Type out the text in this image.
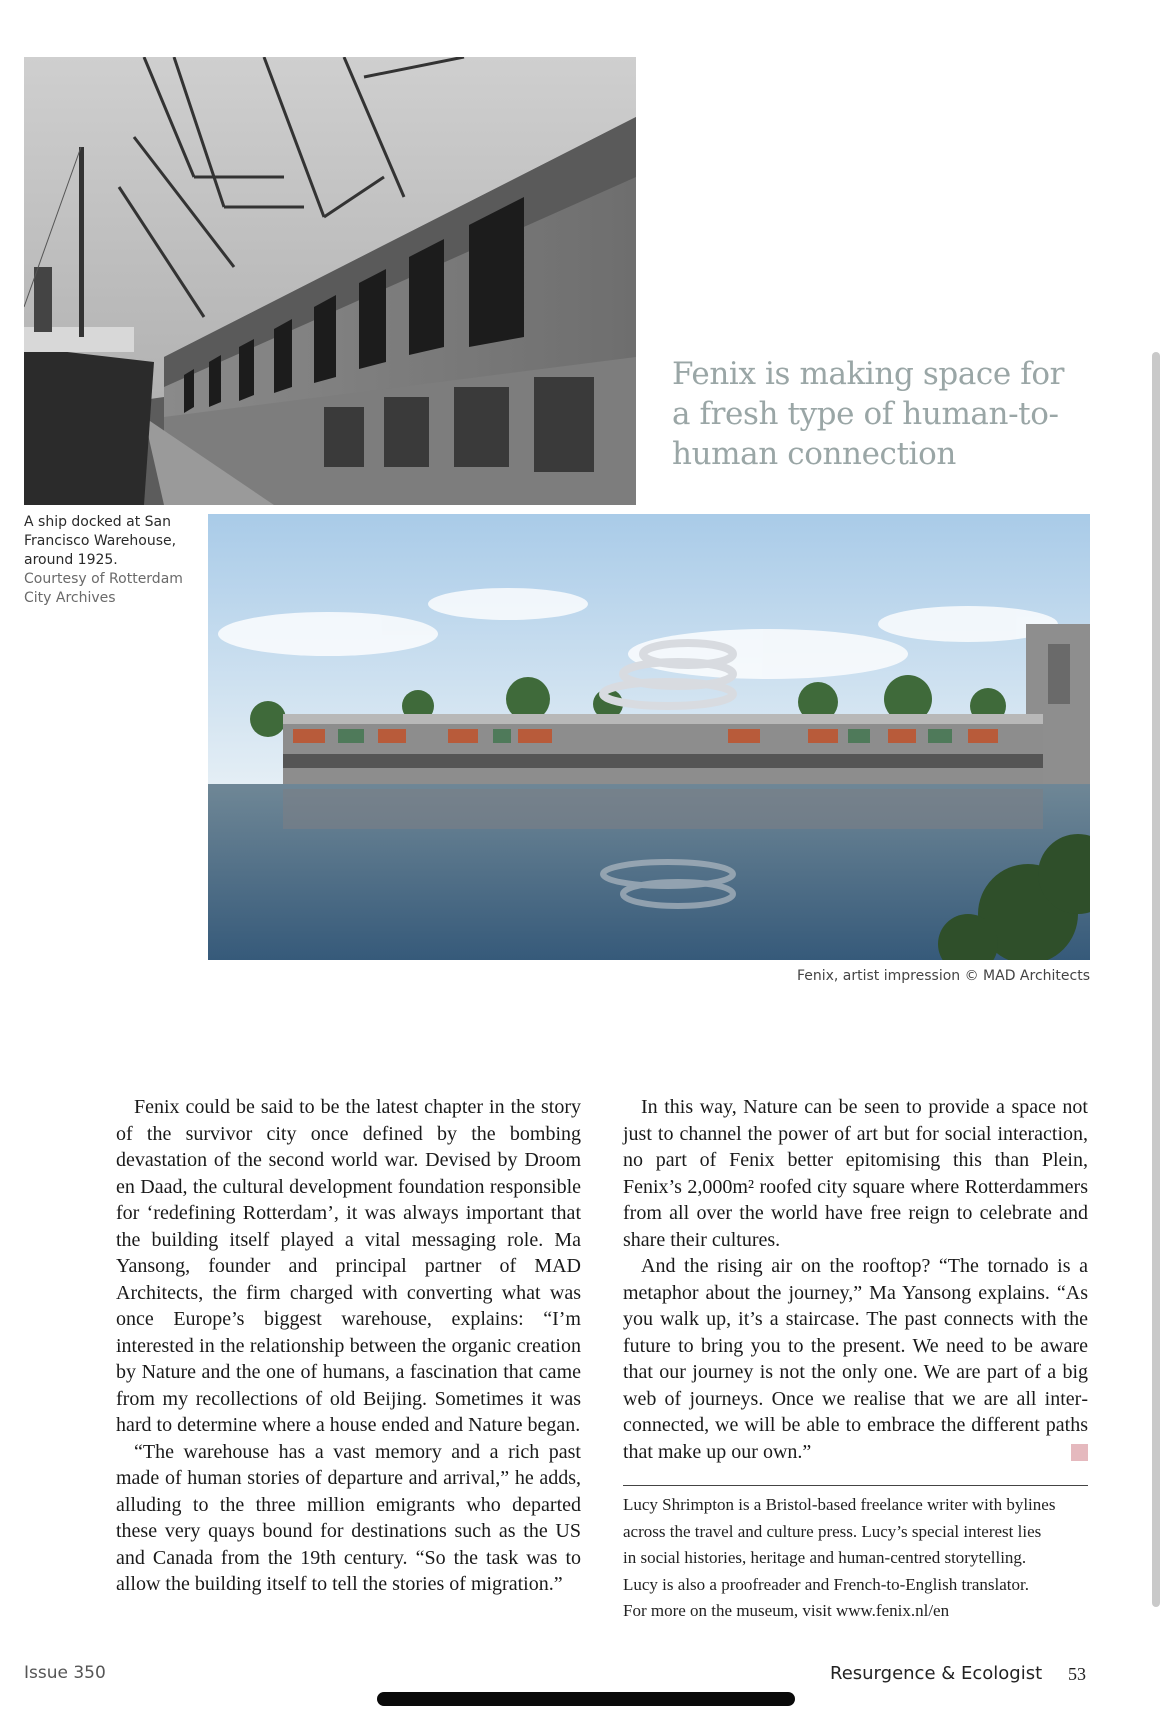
Fenix is making space for
a fresh type of human-to-
human connection
A ship docked at San Francisco Warehouse, around 1925.
Courtesy of Rotterdam City Archives
Fenix, artist impression © MAD Architects

Fenix could be said to be the latest chapter in the story of the survivor city once defined by the bombing devastation of the second world war. Devised by Droom en Daad, the cultural development foundation responsible for ‘redefining Rotterdam’, it was always important that the building itself played a vital messaging role. Ma Yansong, founder and principal partner of MAD Architects, the firm charged with converting what was once Europe’s biggest warehouse, explains: “I’m interested in the relationship between the organic creation by Nature and the one of humans, a fascination that came from my recollections of old Beijing. Sometimes it was hard to determine where a house ended and Nature began.

“The warehouse has a vast memory and a rich past made of human stories of departure and arrival,” he adds, alluding to the three million emigrants who departed these very quays bound for destinations such as the US and Canada from the 19th century. “So the task was to allow the building itself to tell the stories of migration.”

In this way, Nature can be seen to provide a space not just to channel the power of art but for social interaction, no part of Fenix better epitomising this than Plein, Fenix’s 2,000m² roofed city square where Rotterdammers from all over the world have free reign to celebrate and share their cultures.

And the rising air on the rooftop? “The tornado is a metaphor about the journey,” Ma Yansong explains. “As you walk up, it’s a staircase. The past connects with the future to bring you to the present. We need to be aware that our journey is not the only one. We are part of a big web of journeys. Once we realise that we are all interconnected, we will be able to embrace the different paths that make up our own.”	R

Lucy Shrimpton is a Bristol-based freelance writer with bylines
across the travel and culture press. Lucy’s special interest lies
in social histories, heritage and human-centred storytelling.
Lucy is also a proofreader and French-to-English translator.
For more on the museum, visit www.fenix.nl/en
Issue 350	Resurgence & Ecologist 53
